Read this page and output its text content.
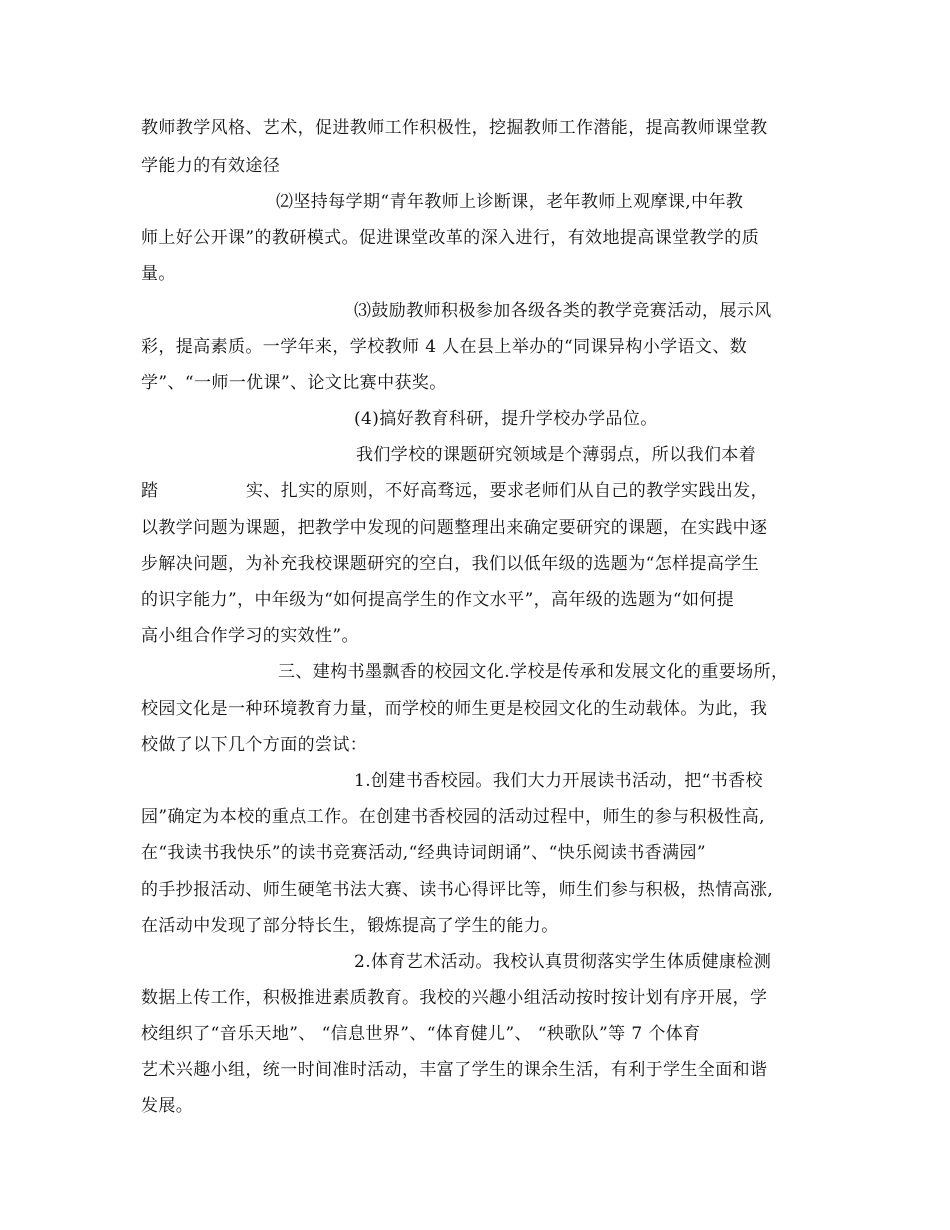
教师教学风格、艺术，促进教师工作积极性，挖掘教师工作潜能，提高教师课堂教
学能力的有效途径
⑵坚持每学期“青年教师上诊断课，老年教师上观摩课,中年教
师上好公开课”的教研模式。促进课堂改革的深入进行，有效地提高课堂教学的质
量。
⑶鼓励教师积极参加各级各类的教学竞赛活动，展示风
彩，提高素质。一学年来，学校教师 4 人在县上举办的“同课异构小学语文、数
学”、“一师一优课”、论文比赛中获奖。
(4)搞好教育科研，提升学校办学品位。
我们学校的课题研究领域是个薄弱点，所以我们本着
踏	实、扎实的原则，不好高骛远，要求老师们从自己的教学实践出发，
以教学问题为课题，把教学中发现的问题整理出来确定要研究的课题，在实践中逐
步解决问题，为补充我校课题研究的空白，我们以低年级的选题为“怎样提高学生
的识字能力”，中年级为“如何提高学生的作文水平”，高年级的选题为“如何提
高小组合作学习的实效性”。
三、建构书墨飘香的校园文化.学校是传承和发展文化的重要场所，
校园文化是一种环境教育力量，而学校的师生更是校园文化的生动载体。为此，我
校做了以下几个方面的尝试：
1.创建书香校园。我们大力开展读书活动，把“书香校
园”确定为本校的重点工作。在创建书香校园的活动过程中，师生的参与积极性高,
在“我读书我快乐”的读书竞赛活动,“经典诗词朗诵”、“快乐阅读书香满园”
的手抄报活动、师生硬笔书法大赛、读书心得评比等，师生们参与积极，热情高涨,
在活动中发现了部分特长生，锻炼提高了学生的能力。
2.体育艺术活动。我校认真贯彻落实学生体质健康检测
数据上传工作，积极推进素质教育。我校的兴趣小组活动按时按计划有序开展，学
校组织了“音乐天地”、 “信息世界”、“体育健儿”、 “秧歌队”等 7 个体育
艺术兴趣小组，统一时间准时活动，丰富了学生的课余生活，有利于学生全面和谐
发展。
